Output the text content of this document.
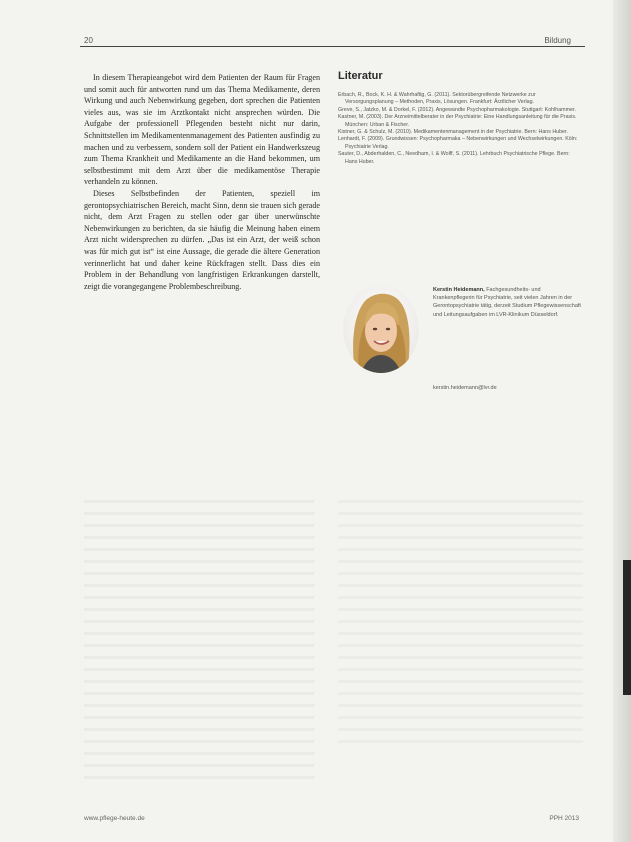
20	Bildung

In diesem Therapieangebot wird dem Patienten der Raum für Fragen und somit auch für antworten rund um das Thema Medikamente, deren Wirkung und auch Nebenwirkung gegeben, dort sprechen die Patienten vieles aus, was sie im Arztkontakt nicht ansprechen würden. Die Aufgabe der professionell Pflegenden besteht nicht nur darin, Schnittstellen im Medikamentenmanagement des Patienten ausfindig zu machen und zu verbessern, sondern soll der Patient ein Handwerkszeug zum Thema Krankheit und Medikamente an die Hand bekommen, um selbstbestimmt mit dem Arzt über die medikamentöse Therapie verhandeln zu können.

Dieses Selbstbefinden der Patienten, speziell im gerontopsychiatrischen Bereich, macht Sinn, denn sie trauen sich gerade nicht, dem Arzt Fragen zu stellen oder gar über unerwünschte Nebenwirkungen zu berichten, da sie häufig die Meinung haben einem Arzt nicht widersprechen zu dürfen. „Das ist ein Arzt, der weiß schon was für mich gut ist“ ist eine Aussage, die gerade die ältere Generation verinnerlicht hat und daher keine Rückfragen stellt. Dass dies ein Problem in der Behandlung von langfristigen Erkrankungen darstellt, zeigt die vorangegangene Problembeschreibung.

Literatur

Erbach, R., Bock, K. H. & Wahrhaftig, G. (2011). Sektorübergreifende Netzwerke zur Versorgungsplanung – Methoden, Praxis, Lösungen. Frankfurt: Ärztlicher Verlag.

Greve, S., Jatzko, M. & Dorkel, F. (2012). Angewandte Psychopharmakologie. Stuttgart: Kohlhammer.

Kastner, M. (2003). Der Arzneimittelberater in der Psychiatrie: Eine Handlungsanleitung für die Praxis. München: Urban & Fischer.

Kistner, G. & Schulz, M. (2010). Medikamentenmanagement in der Psychiatrie. Bern: Hans Huber.

Lenhardt, F. (2009). Grundwissen: Psychopharmaka – Nebenwirkungen und Wechselwirkungen. Köln: Psychiatrie Verlag.

Sauter, D., Abderhalden, C., Needham, I. & Wolff, S. (2011). Lehrbuch Psychiatrische Pflege. Bern: Hans Huber.

Kerstin Heidemann, Fachgesundheits- und Krankenpflegerin für Psychiatrie, seit vielen Jahren in der Gerontopsychiatrie tätig, derzeit Studium Pflegewissenschaft und Leitungsaufgaben im LVR-Klinikum Düsseldorf.
kerstin.heidemann@lvr.de
www.pflege-heute.de	PPH 2013
